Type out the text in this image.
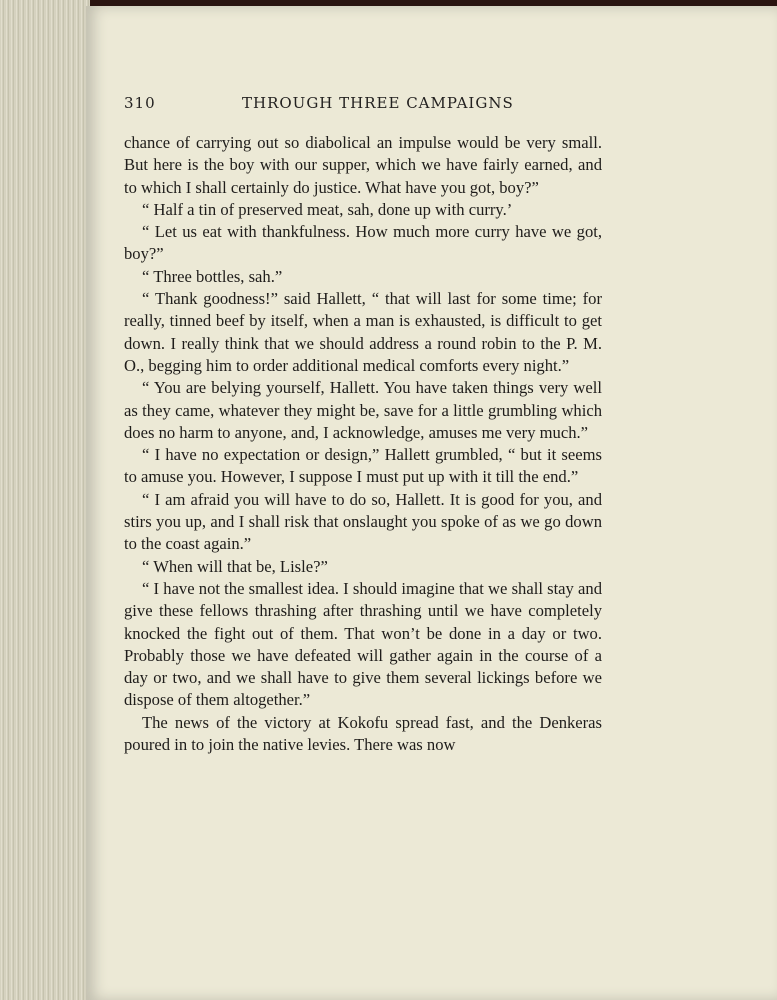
310	THROUGH THREE CAMPAIGNS

chance of carrying out so diabolical an impulse would be very small. But here is the boy with our supper, which we have fairly earned, and to which I shall certainly do justice. What have you got, boy?”

“ Half a tin of preserved meat, sah, done up with curry.’

“ Let us eat with thankfulness. How much more curry have we got, boy?”

“ Three bottles, sah.”

“ Thank goodness!” said Hallett, “ that will last for some time; for really, tinned beef by itself, when a man is exhausted, is difficult to get down. I really think that we should address a round robin to the P. M. O., begging him to order additional medical comforts every night.”

“ You are belying yourself, Hallett. You have taken things very well as they came, whatever they might be, save for a little grumbling which does no harm to anyone, and, I acknowledge, amuses me very much.”

“ I have no expectation or design,” Hallett grumbled, “ but it seems to amuse you. However, I suppose I must put up with it till the end.”

“ I am afraid you will have to do so, Hallett. It is good for you, and stirs you up, and I shall risk that onslaught you spoke of as we go down to the coast again.”

“ When will that be, Lisle?”

“ I have not the smallest idea. I should imagine that we shall stay and give these fellows thrashing after thrashing until we have completely knocked the fight out of them. That won’t be done in a day or two. Probably those we have defeated will gather again in the course of a day or two, and we shall have to give them several lickings before we dispose of them altogether.”

The news of the victory at Kokofu spread fast, and the Denkeras poured in to join the native levies. There was now
